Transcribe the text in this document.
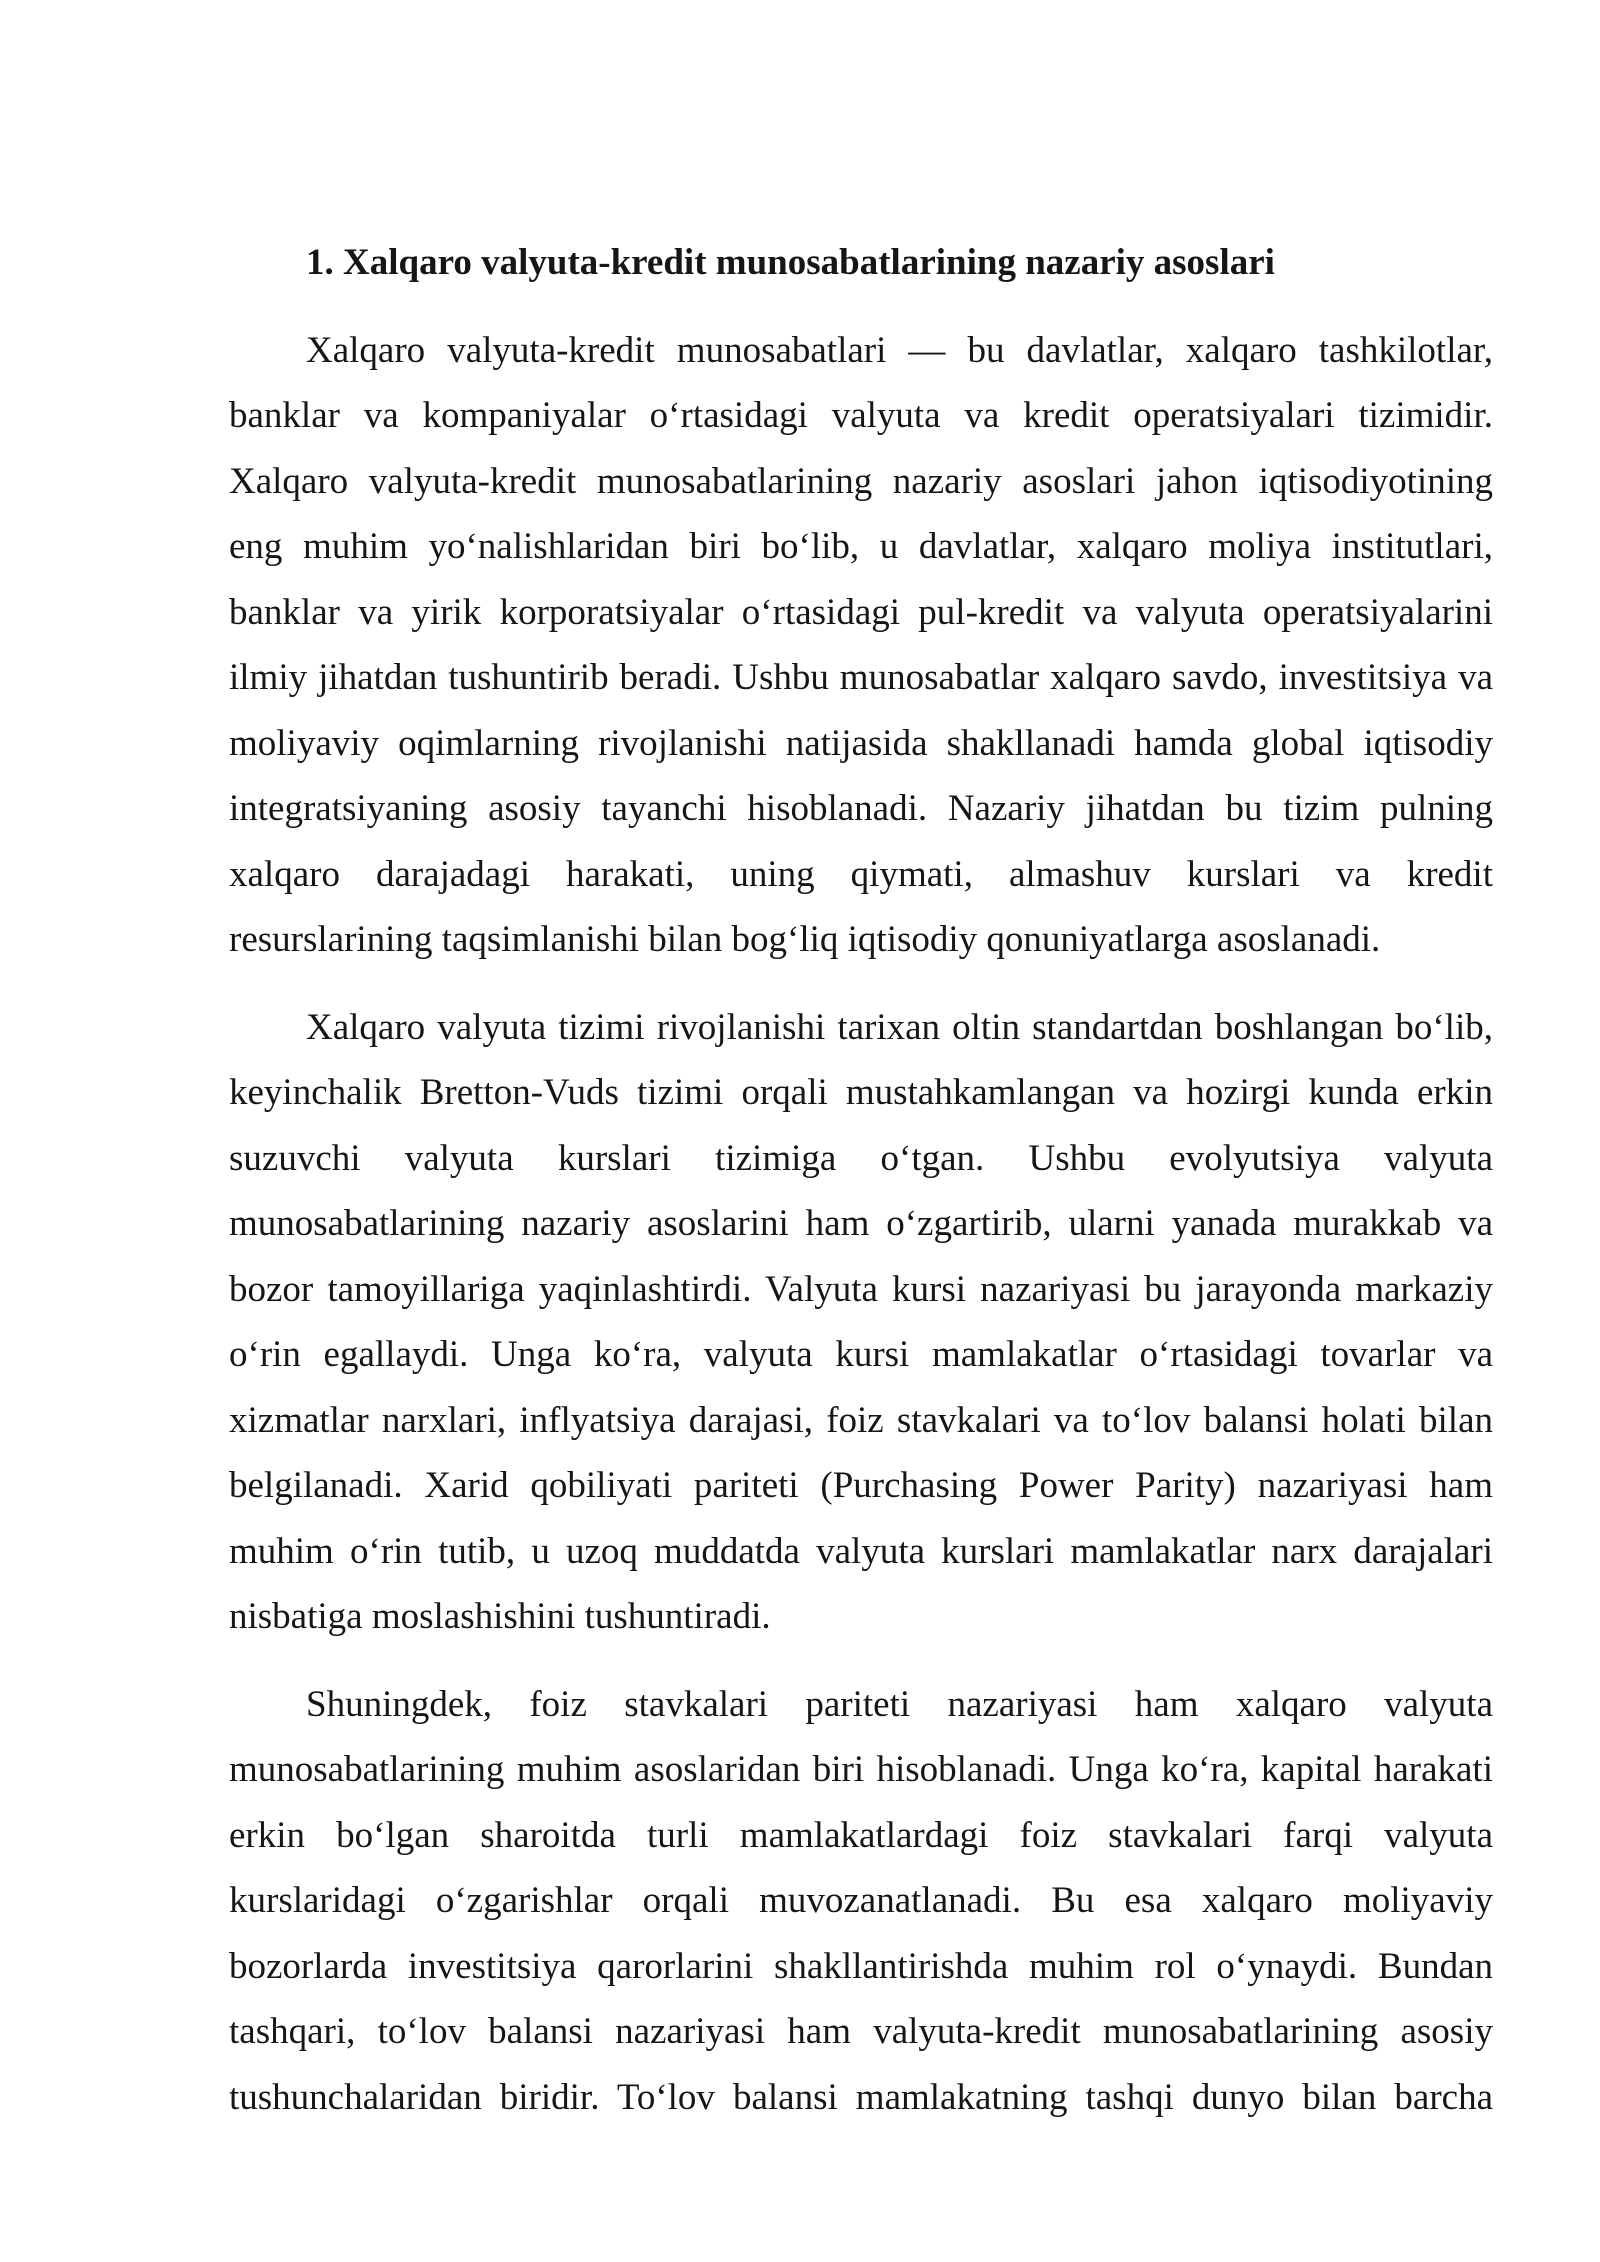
1. Xalqaro valyuta-kredit munosabatlarining nazariy asoslari
Xalqaro valyuta-kredit munosabatlari — bu davlatlar, xalqaro tashkilotlar,
banklar va kompaniyalar o‘rtasidagi valyuta va kredit operatsiyalari tizimidir.
Xalqaro valyuta-kredit munosabatlarining nazariy asoslari jahon iqtisodiyotining
eng muhim yo‘nalishlaridan biri bo‘lib, u davlatlar, xalqaro moliya institutlari,
banklar va yirik korporatsiyalar o‘rtasidagi pul-kredit va valyuta operatsiyalarini
ilmiy jihatdan tushuntirib beradi. Ushbu munosabatlar xalqaro savdo, investitsiya va
moliyaviy oqimlarning rivojlanishi natijasida shakllanadi hamda global iqtisodiy
integratsiyaning asosiy tayanchi hisoblanadi. Nazariy jihatdan bu tizim pulning
xalqaro darajadagi harakati, uning qiymati, almashuv kurslari va kredit
resurslarining taqsimlanishi bilan bog‘liq iqtisodiy qonuniyatlarga asoslanadi.
Xalqaro valyuta tizimi rivojlanishi tarixan oltin standartdan boshlangan bo‘lib,
keyinchalik Bretton-Vuds tizimi orqali mustahkamlangan va hozirgi kunda erkin
suzuvchi valyuta kurslari tizimiga o‘tgan. Ushbu evolyutsiya valyuta
munosabatlarining nazariy asoslarini ham o‘zgartirib, ularni yanada murakkab va
bozor tamoyillariga yaqinlashtirdi. Valyuta kursi nazariyasi bu jarayonda markaziy
o‘rin egallaydi. Unga ko‘ra, valyuta kursi mamlakatlar o‘rtasidagi tovarlar va
xizmatlar narxlari, inflyatsiya darajasi, foiz stavkalari va to‘lov balansi holati bilan
belgilanadi. Xarid qobiliyati pariteti (Purchasing Power Parity) nazariyasi ham
muhim o‘rin tutib, u uzoq muddatda valyuta kurslari mamlakatlar narx darajalari
nisbatiga moslashishini tushuntiradi.
Shuningdek, foiz stavkalari pariteti nazariyasi ham xalqaro valyuta
munosabatlarining muhim asoslaridan biri hisoblanadi. Unga ko‘ra, kapital harakati
erkin bo‘lgan sharoitda turli mamlakatlardagi foiz stavkalari farqi valyuta
kurslaridagi o‘zgarishlar orqali muvozanatlanadi. Bu esa xalqaro moliyaviy
bozorlarda investitsiya qarorlarini shakllantirishda muhim rol o‘ynaydi. Bundan
tashqari, to‘lov balansi nazariyasi ham valyuta-kredit munosabatlarining asosiy
tushunchalaridan biridir. To‘lov balansi mamlakatning tashqi dunyo bilan barcha
